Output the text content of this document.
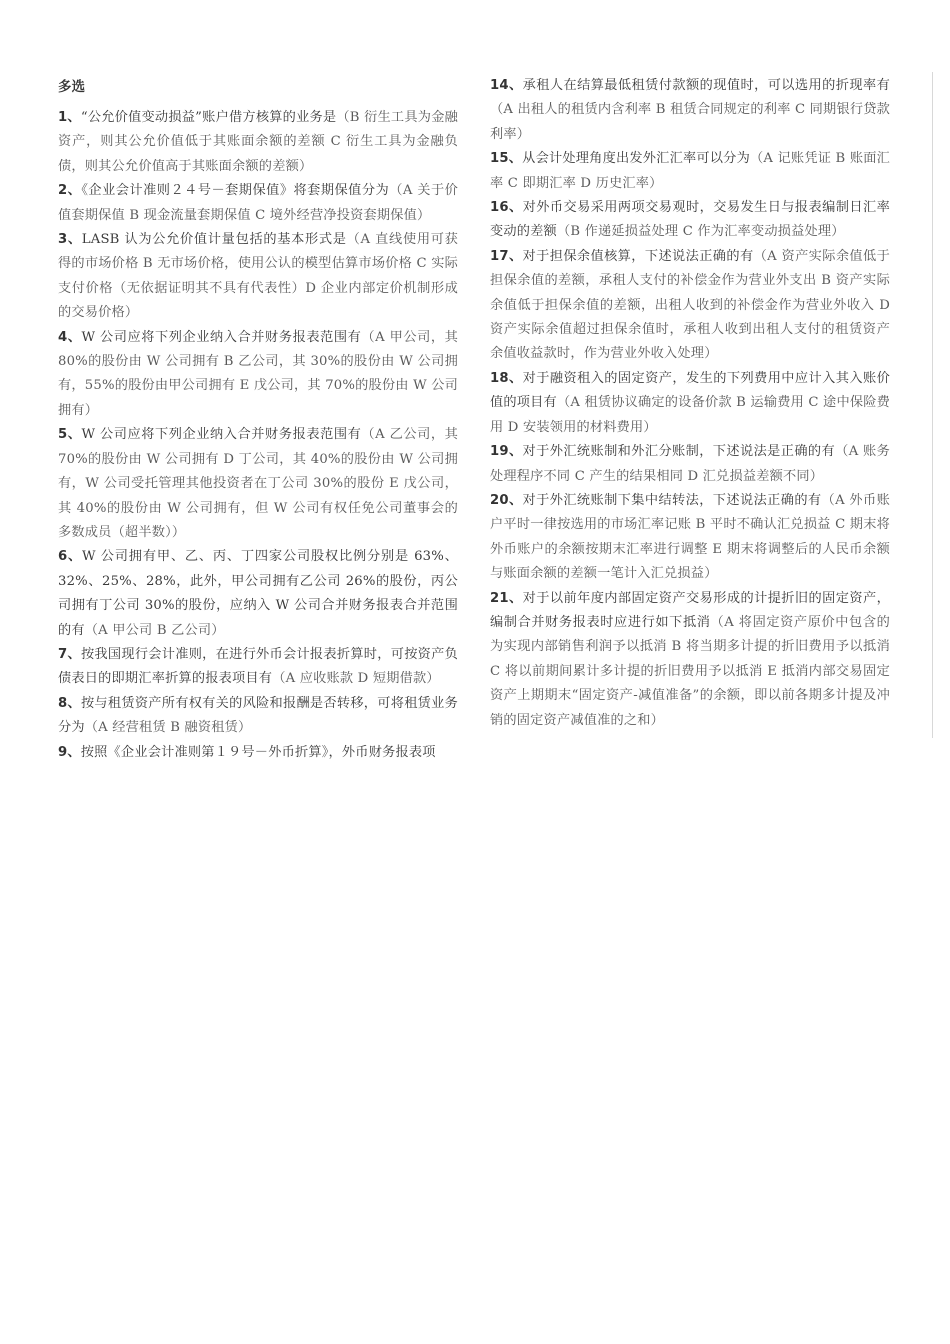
多选

1、“公允价值变动损益”账户借方核算的业务是（B 衍生工具为金融资产，则其公允价值低于其账面余额的差额 C 衍生工具为金融负债，则其公允价值高于其账面余额的差额）

2、《企业会计准则２４号－套期保值》将套期保值分为（A 关于价值套期保值 B 现金流量套期保值 C 境外经营净投资套期保值）

3、LASB 认为公允价值计量包括的基本形式是（A 直线使用可获得的市场价格 B 无市场价格，使用公认的模型估算市场价格 C 实际支付价格（无依据证明其不具有代表性）D 企业内部定价机制形成的交易价格）

4、W 公司应将下列企业纳入合并财务报表范围有（A 甲公司，其 80%的股份由 W 公司拥有 B 乙公司，其 30%的股份由 W 公司拥有，55%的股份由甲公司拥有 E 戊公司，其 70%的股份由 W 公司拥有）

5、W 公司应将下列企业纳入合并财务报表范围有（A 乙公司，其 70%的股份由 W 公司拥有 D 丁公司，其 40%的股份由 W 公司拥有，W 公司受托管理其他投资者在丁公司 30%的股份 E 戊公司，其 40%的股份由 W 公司拥有，但 W 公司有权任免公司董事会的多数成员（超半数））

6、W 公司拥有甲、乙、丙、丁四家公司股权比例分别是 63%、32%、25%、28%，此外，甲公司拥有乙公司 26%的股份，丙公司拥有丁公司 30%的股份，应纳入 W 公司合并财务报表合并范围的有（A 甲公司 B 乙公司）

7、按我国现行会计准则，在进行外币会计报表折算时，可按资产负债表日的即期汇率折算的报表项目有（A 应收账款 D 短期借款）

8、按与租赁资产所有权有关的风险和报酬是否转移，可将租赁业务分为（A 经营租赁 B 融资租赁）

9、按照《企业会计准则第１９号－外币折算》，外币财务报表项

14、承租人在结算最低租赁付款额的现值时，可以选用的折现率有（A 出租人的租赁内含利率 B 租赁合同规定的利率 C 同期银行贷款利率）

15、从会计处理角度出发外汇汇率可以分为（A 记账凭证 B 账面汇率 C 即期汇率 D 历史汇率）

16、对外币交易采用两项交易观时，交易发生日与报表编制日汇率变动的差额（B 作递延损益处理 C 作为汇率变动损益处理）

17、对于担保余值核算，下述说法正确的有（A 资产实际余值低于担保余值的差额，承租人支付的补偿金作为营业外支出 B 资产实际余值低于担保余值的差额，出租人收到的补偿金作为营业外收入 D 资产实际余值超过担保余值时，承租人收到出租人支付的租赁资产余值收益款时，作为营业外收入处理）

18、对于融资租入的固定资产，发生的下列费用中应计入其入账价值的项目有（A 租赁协议确定的设备价款 B 运输费用 C 途中保险费用 D 安装领用的材料费用）

19、对于外汇统账制和外汇分账制，下述说法是正确的有（A 账务处理程序不同 C 产生的结果相同 D 汇兑损益差额不同）

20、对于外汇统账制下集中结转法，下述说法正确的有（A 外币账户平时一律按选用的市场汇率记账 B 平时不确认汇兑损益 C 期末将外币账户的余额按期末汇率进行调整 E 期末将调整后的人民币余额与账面余额的差额一笔计入汇兑损益）

21、对于以前年度内部固定资产交易形成的计提折旧的固定资产，编制合并财务报表时应进行如下抵消（A 将固定资产原价中包含的为实现内部销售利润予以抵消 B 将当期多计提的折旧费用予以抵消 C 将以前期间累计多计提的折旧费用予以抵消 E 抵消内部交易固定资产上期期末“固定资产-减值准备”的余额，即以前各期多计提及冲销的固定资产减值准的之和）
